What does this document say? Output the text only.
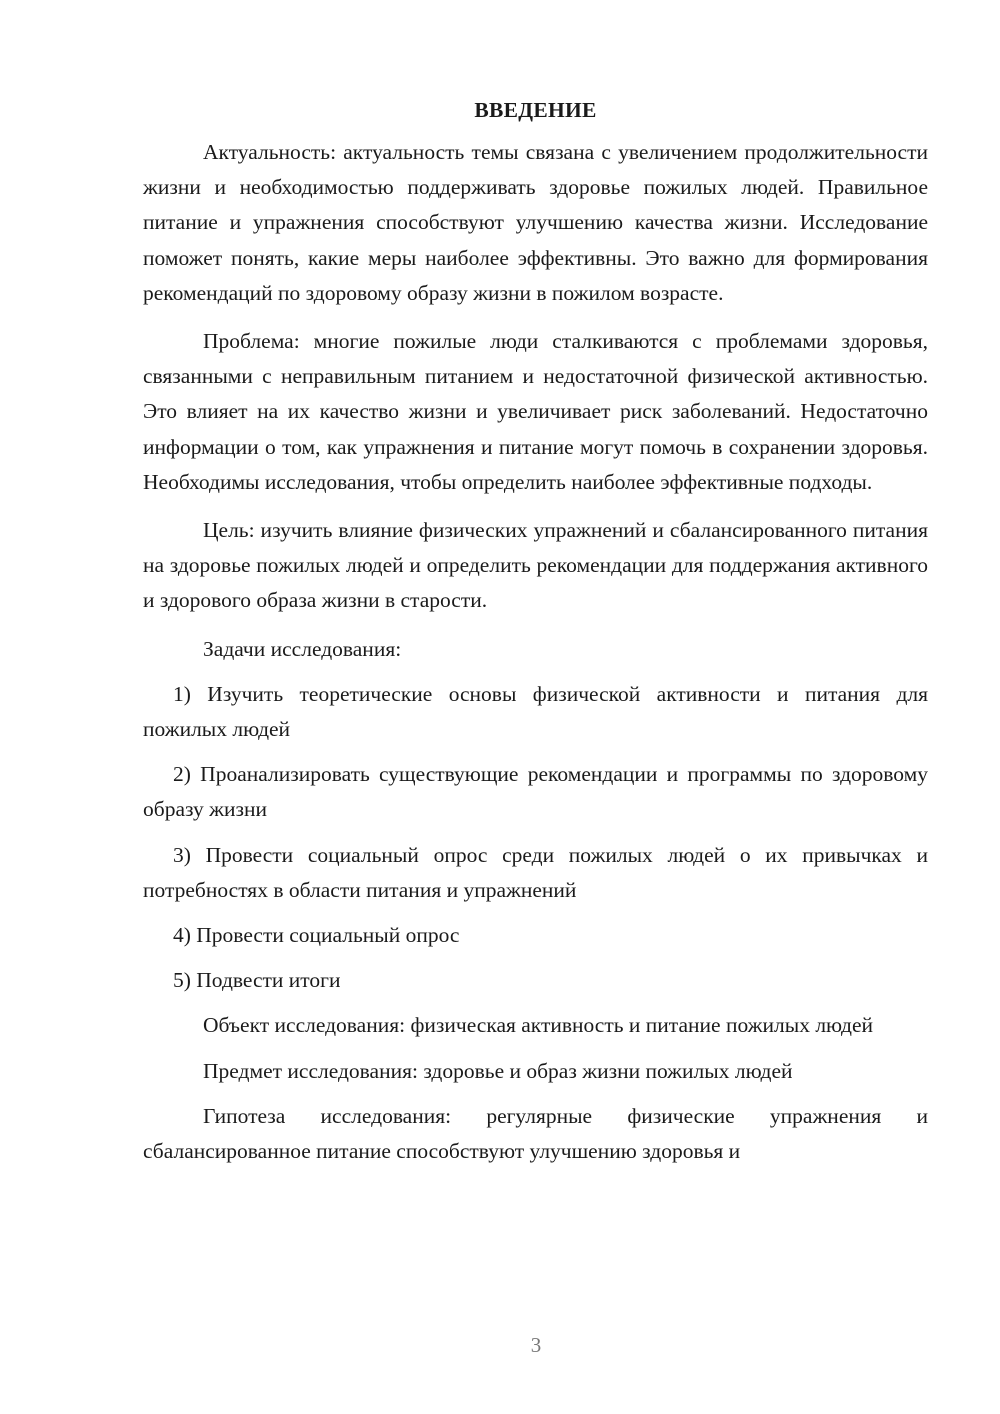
ВВЕДЕНИЕ

Актуальность: актуальность темы связана с увеличением продолжительности жизни и необходимостью поддерживать здоровье пожилых людей. Правильное питание и упражнения способствуют улучшению качества жизни. Исследование поможет понять, какие меры наиболее эффективны. Это важно для формирования рекомендаций по здоровому образу жизни в пожилом возрасте.

Проблема: многие пожилые люди сталкиваются с проблемами здоровья, связанными с неправильным питанием и недостаточной физической активностью. Это влияет на их качество жизни и увеличивает риск заболеваний. Недостаточно информации о том, как упражнения и питание могут помочь в сохранении здоровья. Необходимы исследования, чтобы определить наиболее эффективные подходы.

Цель: изучить влияние физических упражнений и сбалансированного питания на здоровье пожилых людей и определить рекомендации для поддержания активного и здорового образа жизни в старости.

Задачи исследования:

1) Изучить теоретические основы физической активности и питания для пожилых людей

2) Проанализировать существующие рекомендации и программы по здоровому образу жизни

3) Провести социальный опрос среди пожилых людей о их привычках и потребностях в области питания и упражнений

4) Провести социальный опрос

5) Подвести итоги

Объект исследования: физическая активность и питание пожилых людей

Предмет исследования: здоровье и образ жизни пожилых людей

Гипотеза исследования: регулярные физические упражнения и сбалансированное питание способствуют улучшению здоровья и

3
